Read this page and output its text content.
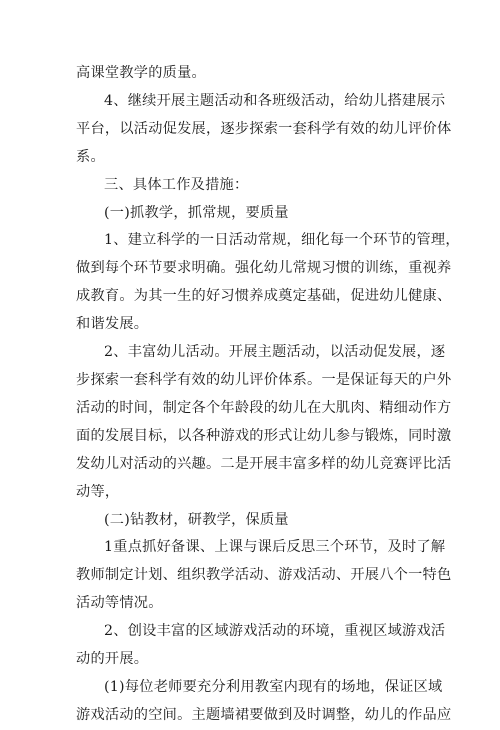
高课堂教学的质量。

4、继续开展主题活动和各班级活动，给幼儿搭建展示
平台，以活动促发展，逐步探索一套科学有效的幼儿评价体
系。

三、具体工作及措施：

(一)抓教学，抓常规，要质量

1、建立科学的一日活动常规，细化每一个环节的管理，
做到每个环节要求明确。强化幼儿常规习惯的训练，重视养
成教育。为其一生的好习惯养成奠定基础，促进幼儿健康、
和谐发展。

2、丰富幼儿活动。开展主题活动，以活动促发展，逐
步探索一套科学有效的幼儿评价体系。一是保证每天的户外
活动的时间，制定各个年龄段的幼儿在大肌肉、精细动作方
面的发展目标，以各种游戏的形式让幼儿参与锻炼，同时激
发幼儿对活动的兴趣。二是开展丰富多样的幼儿竞赛评比活
动等，

(二)钻教材，研教学，保质量

1重点抓好备课、上课与课后反思三个环节，及时了解
教师制定计划、组织教学活动、游戏活动、开展八个一特色
活动等情况。

2、创设丰富的区域游戏活动的环境，重视区域游戏活
动的开展。

(1)每位老师要充分利用教室内现有的场地，保证区域
游戏活动的空间。主题墙裙要做到及时调整，幼儿的作品应
